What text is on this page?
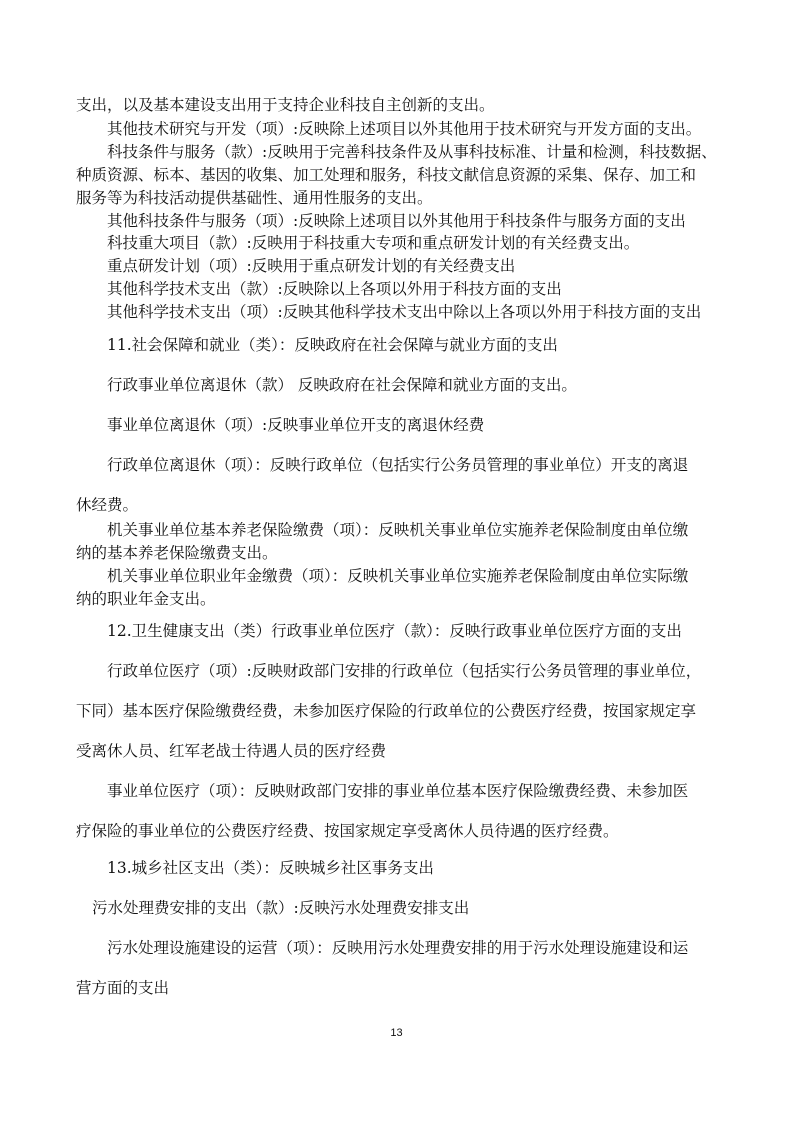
支出，以及基本建设支出用于支持企业科技自主创新的支出。
其他技术研究与开发（项）:反映除上述项目以外其他用于技术研究与开发方面的支出。
科技条件与服务（款）:反映用于完善科技条件及从事科技标准、计量和检测，科技数据、
种质资源、标本、基因的收集、加工处理和服务，科技文献信息资源的采集、保存、加工和
服务等为科技活动提供基础性、通用性服务的支出。
其他科技条件与服务（项）:反映除上述项目以外其他用于科技条件与服务方面的支出
科技重大项目（款）:反映用于科技重大专项和重点研发计划的有关经费支出。
重点研发计划（项）:反映用于重点研发计划的有关经费支出
其他科学技术支出（款）:反映除以上各项以外用于科技方面的支出
其他科学技术支出（项）:反映其他科学技术支出中除以上各项以外用于科技方面的支出
11.社会保障和就业（类）：反映政府在社会保障与就业方面的支出
行政事业单位离退休（款） 反映政府在社会保障和就业方面的支出。
事业单位离退休（项）:反映事业单位开支的离退休经费
行政单位离退休（项）：反映行政单位（包括实行公务员管理的事业单位）开支的离退
休经费。
机关事业单位基本养老保险缴费（项）：反映机关事业单位实施养老保险制度由单位缴
纳的基本养老保险缴费支出。
机关事业单位职业年金缴费（项）：反映机关事业单位实施养老保险制度由单位实际缴
纳的职业年金支出。
12.卫生健康支出（类）行政事业单位医疗（款）：反映行政事业单位医疗方面的支出
行政单位医疗（项）:反映财政部门安排的行政单位（包括实行公务员管理的事业单位，
下同）基本医疗保险缴费经费，未参加医疗保险的行政单位的公费医疗经费，按国家规定享
受离休人员、红军老战士待遇人员的医疗经费
事业单位医疗（项）：反映财政部门安排的事业单位基本医疗保险缴费经费、未参加医
疗保险的事业单位的公费医疗经费、按国家规定享受离休人员待遇的医疗经费。
13.城乡社区支出（类）：反映城乡社区事务支出
污水处理费安排的支出（款）:反映污水处理费安排支出
污水处理设施建设的运营（项）：反映用污水处理费安排的用于污水处理设施建设和运
营方面的支出
13
